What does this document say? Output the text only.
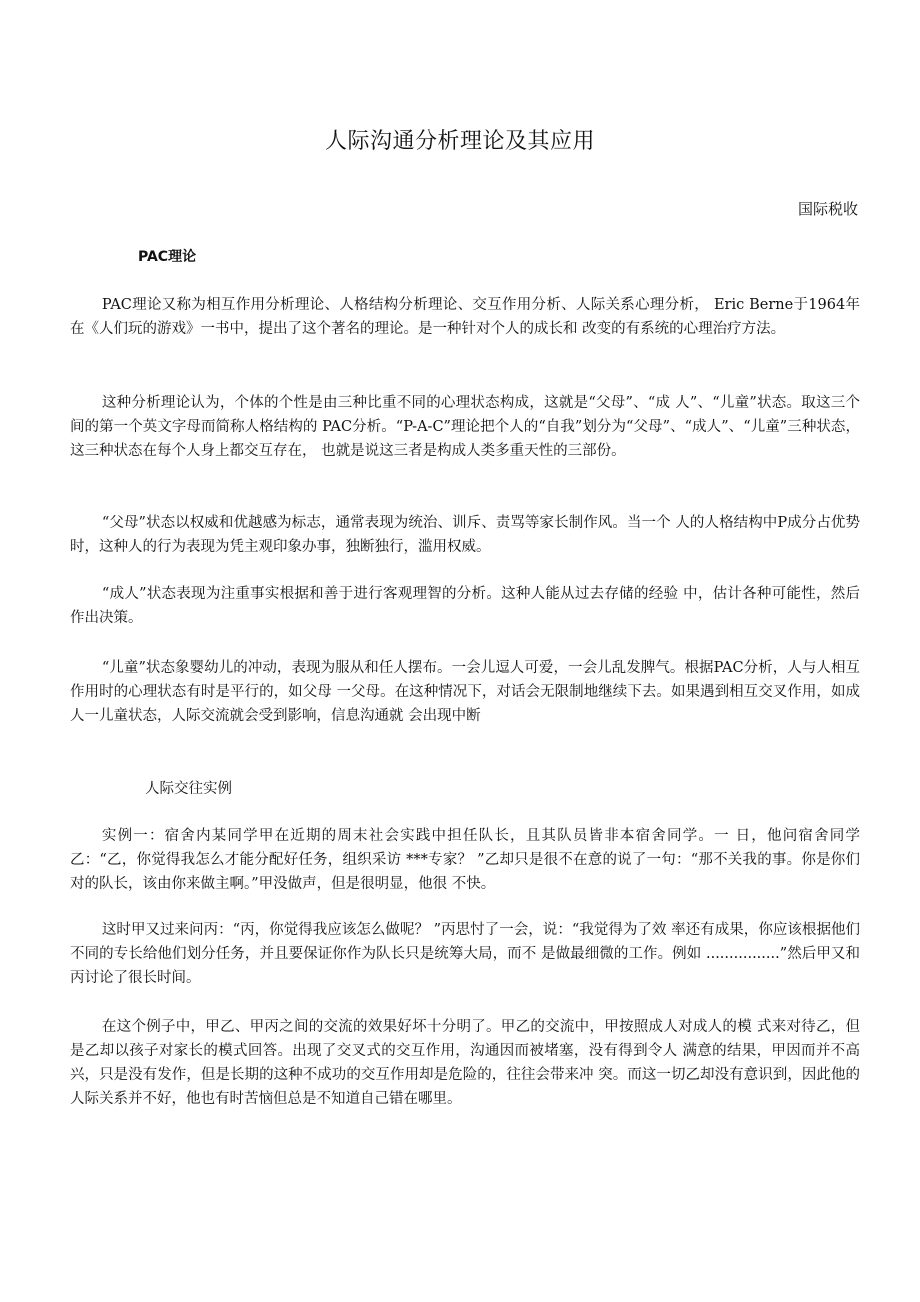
人际沟通分析理论及其应用

国际税收

PAC理论

PAC理论又称为相互作用分析理论、人格结构分析理论、交互作用分析、人际关系心理分析， Eric Berne于1964年在《人们玩的游戏》一书中，提出了这个著名的理论。是一种针对个人的成长和 改变的有系统的心理治疗方法。

这种分析理论认为，个体的个性是由三种比重不同的心理状态构成，这就是“父母”、“成 人”、“儿童”状态。取这三个间的第一个英文字母而简称人格结构的 PAC分析。“P-A-C”理论把个人的“自我”划分为“父母”、“成人”、“儿童”三种状态，这三种状态在每个人身上都交互存在， 也就是说这三者是构成人类多重天性的三部份。

“父母”状态以权威和优越感为标志，通常表现为统治、训斥、责骂等家长制作风。当一个 人的人格结构中P成分占优势时，这种人的行为表现为凭主观印象办事，独断独行，滥用权威。

“成人”状态表现为注重事实根据和善于进行客观理智的分析。这种人能从过去存储的经验 中，估计各种可能性，然后作出决策。

“儿童”状态象婴幼儿的冲动，表现为服从和任人摆布。一会儿逗人可爱，一会儿乱发脾气。根据PAC分析，人与人相互作用时的心理状态有时是平行的，如父母 一父母。在这种情况下，对话会无限制地继续下去。如果遇到相互交叉作用，如成人一儿童状态，人际交流就会受到影响，信息沟通就 会出现中断

人际交往实例

实例一：宿舍内某同学甲在近期的周末社会实践中担任队长，且其队员皆非本宿舍同学。一 日，他问宿舍同学乙：“乙，你觉得我怎么才能分配好任务，组织采访 ***专家？ ”乙却只是很不在意的说了一句：“那不关我的事。你是你们对的队长，该由你来做主啊。”甲没做声，但是很明显，他很 不快。

这时甲又过来问丙：“丙，你觉得我应该怎么做呢？ ”丙思忖了一会，说：“我觉得为了效 率还有成果，你应该根据他们不同的专长给他们划分任务，并且要保证你作为队长只是统筹大局，而不 是做最细微的工作。例如 ................”然后甲又和丙讨论了很长时间。

在这个例子中，甲乙、甲丙之间的交流的效果好坏十分明了。甲乙的交流中，甲按照成人对成人的模 式来对待乙，但是乙却以孩子对家长的模式回答。出现了交叉式的交互作用，沟通因而被堵塞，没有得到令人 满意的结果，甲因而并不高兴，只是没有发作，但是长期的这种不成功的交互作用却是危险的，往往会带来冲 突。而这一切乙却没有意识到，因此他的人际关系并不好，他也有时苦恼但总是不知道自己错在哪里。
